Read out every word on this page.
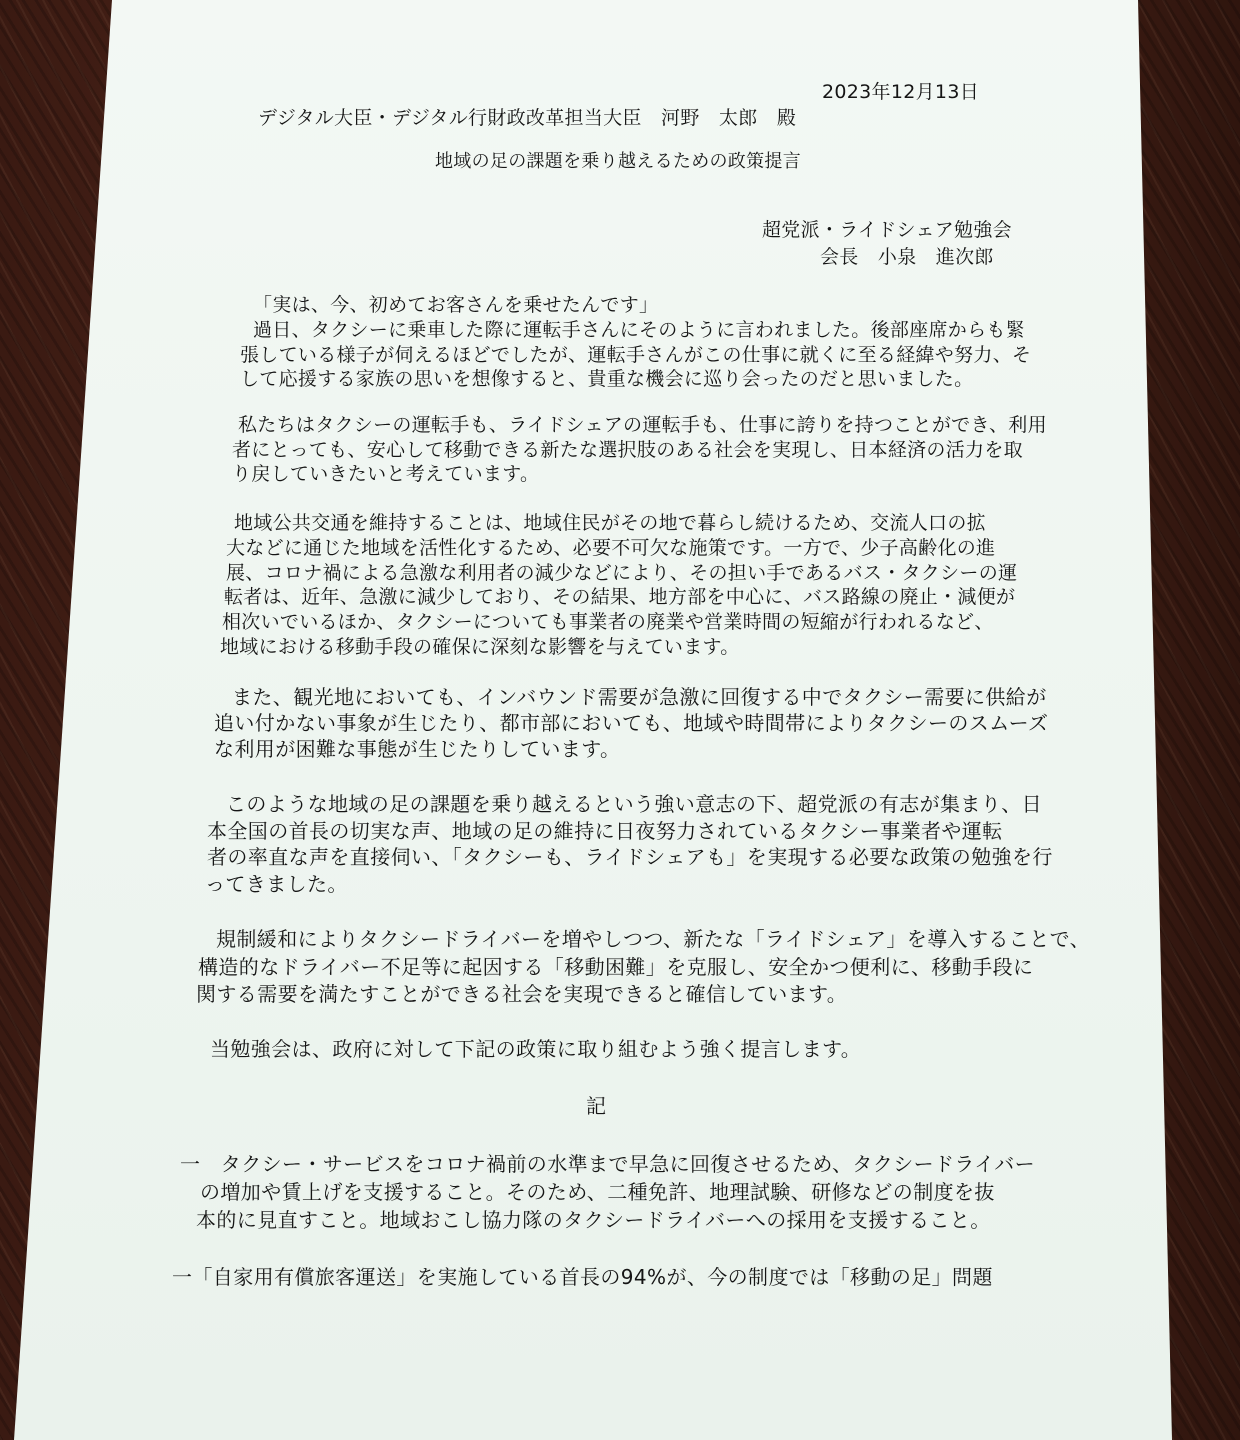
2023年12月13日
デジタル大臣・デジタル行財政改革担当大臣　河野　太郎　殿
地域の足の課題を乗り越えるための政策提言
超党派・ライドシェア勉強会
会長　小泉　進次郎
「実は、今、初めてお客さんを乗せたんです」
過日、タクシーに乗車した際に運転手さんにそのように言われました。後部座席からも緊
張している様子が伺えるほどでしたが、運転手さんがこの仕事に就くに至る経緯や努力、そ
して応援する家族の思いを想像すると、貴重な機会に巡り会ったのだと思いました。
私たちはタクシーの運転手も、ライドシェアの運転手も、仕事に誇りを持つことができ、利用
者にとっても、安心して移動できる新たな選択肢のある社会を実現し、日本経済の活力を取
り戻していきたいと考えています。
地域公共交通を維持することは、地域住民がその地で暮らし続けるため、交流人口の拡
大などに通じた地域を活性化するため、必要不可欠な施策です。一方で、少子高齢化の進
展、コロナ禍による急激な利用者の減少などにより、その担い手であるバス・タクシーの運
転者は、近年、急激に減少しており、その結果、地方部を中心に、バス路線の廃止・減便が
相次いでいるほか、タクシーについても事業者の廃業や営業時間の短縮が行われるなど、
地域における移動手段の確保に深刻な影響を与えています。
また、観光地においても、インバウンド需要が急激に回復する中でタクシー需要に供給が
追い付かない事象が生じたり、都市部においても、地域や時間帯によりタクシーのスムーズ
な利用が困難な事態が生じたりしています。
このような地域の足の課題を乗り越えるという強い意志の下、超党派の有志が集まり、日
本全国の首長の切実な声、地域の足の維持に日夜努力されているタクシー事業者や運転
者の率直な声を直接伺い、「タクシーも、ライドシェアも」を実現する必要な政策の勉強を行
ってきました。
規制緩和によりタクシードライバーを増やしつつ、新たな「ライドシェア」を導入することで、
構造的なドライバー不足等に起因する「移動困難」を克服し、安全かつ便利に、移動手段に
関する需要を満たすことができる社会を実現できると確信しています。
当勉強会は、政府に対して下記の政策に取り組むよう強く提言します。
記
一　タクシー・サービスをコロナ禍前の水準まで早急に回復させるため、タクシードライバー
の増加や賃上げを支援すること。そのため、二種免許、地理試験、研修などの制度を抜
本的に見直すこと。地域おこし協力隊のタクシードライバーへの採用を支援すること。
一「自家用有償旅客運送」を実施している首長の94%が、今の制度では「移動の足」問題
